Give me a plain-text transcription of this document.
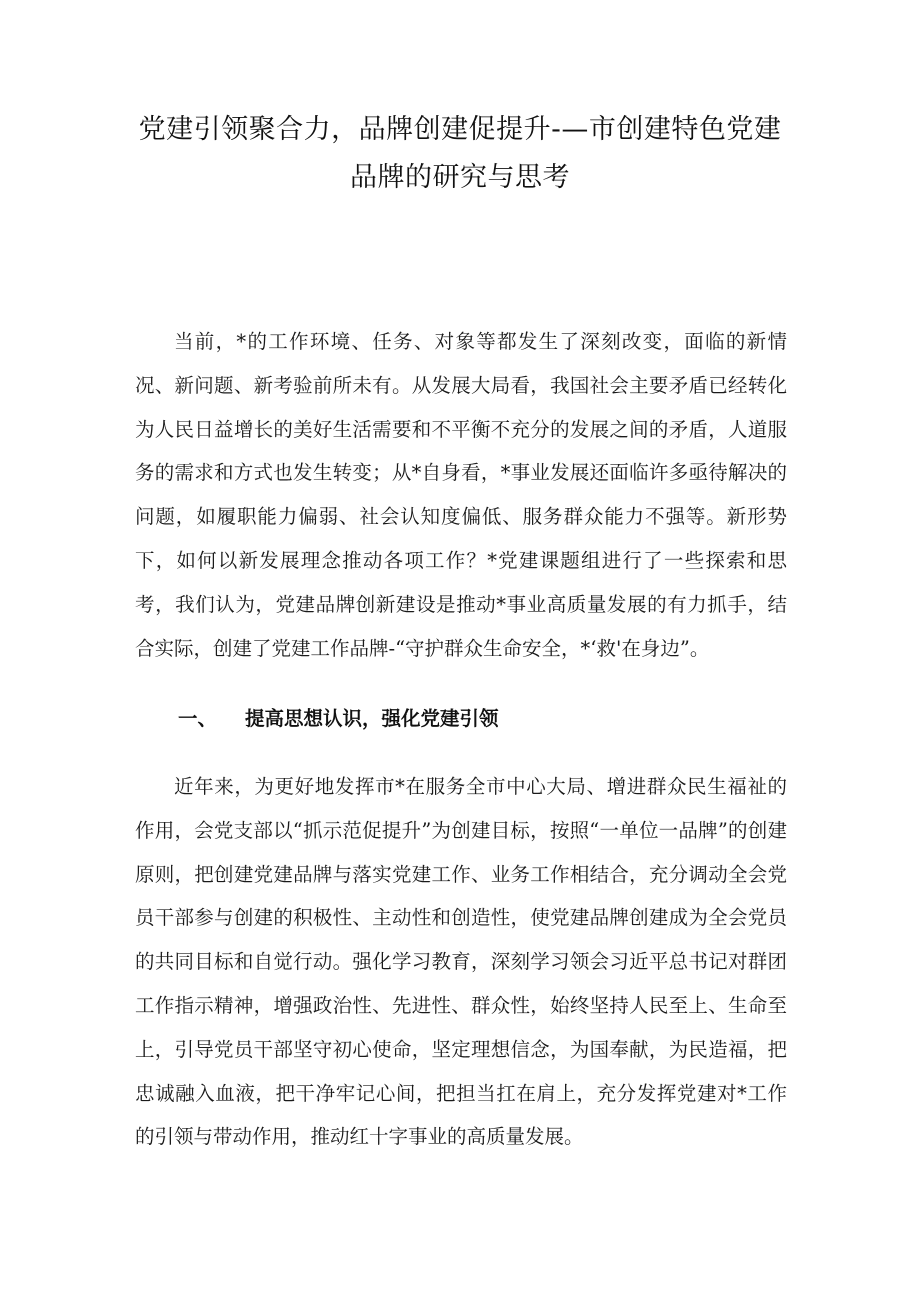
党建引领聚合力，品牌创建促提升-—市创建特色党建
品牌的研究与思考

当前，*的工作环境、任务、对象等都发生了深刻改变，面临的新情况、新问题、新考验前所未有。从发展大局看，我国社会主要矛盾已经转化为人民日益增长的美好生活需要和不平衡不充分的发展之间的矛盾，人道服务的需求和方式也发生转变；从*自身看，*事业发展还面临许多亟待解决的问题，如履职能力偏弱、社会认知度偏低、服务群众能力不强等。新形势下，如何以新发展理念推动各项工作？*党建课题组进行了一些探索和思考，我们认为，党建品牌创新建设是推动*事业高质量发展的有力抓手，结合实际，创建了党建工作品牌-“守护群众生命安全，*‘救'在身边”。

一、 提高思想认识，强化党建引领

近年来，为更好地发挥市*在服务全市中心大局、增进群众民生福祉的作用，会党支部以“抓示范促提升”为创建目标，按照“一单位一品牌”的创建原则，把创建党建品牌与落实党建工作、业务工作相结合，充分调动全会党员干部参与创建的积极性、主动性和创造性，使党建品牌创建成为全会党员的共同目标和自觉行动。强化学习教育，深刻学习领会习近平总书记对群团工作指示精神，增强政治性、先进性、群众性，始终坚持人民至上、生命至上，引导党员干部坚守初心使命，坚定理想信念，为国奉献，为民造福，把忠诚融入血液，把干净牢记心间，把担当扛在肩上，充分发挥党建对*工作的引领与带动作用，推动红十字事业的高质量发展。
